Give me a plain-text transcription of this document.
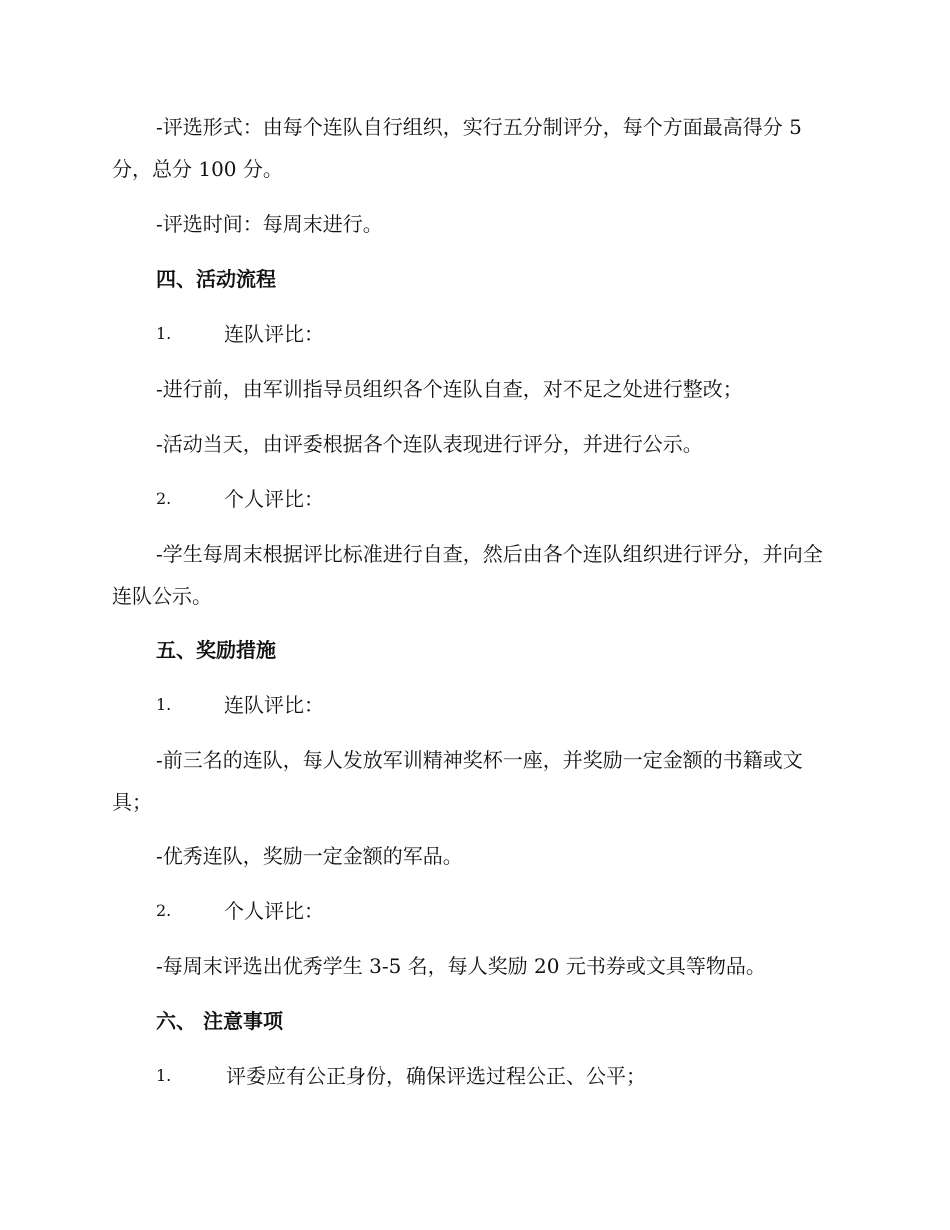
-评选形式：由每个连队自行组织，实行五分制评分，每个方面最高得分 5 分，总分 100 分。

-评选时间：每周末进行。

四、活动流程
1.	连队评比：

-进行前，由军训指导员组织各个连队自查，对不足之处进行整改；

-活动当天，由评委根据各个连队表现进行评分，并进行公示。

2.	个人评比：

-学生每周末根据评比标准进行自查，然后由各个连队组织进行评分，并向全连队公示。

五、奖励措施
1.	连队评比：

-前三名的连队，每人发放军训精神奖杯一座，并奖励一定金额的书籍或文具；

-优秀连队，奖励一定金额的军品。

2.	个人评比：

-每周末评选出优秀学生 3-5 名，每人奖励 20 元书券或文具等物品。

六、 注意事项
1.	评委应有公正身份，确保评选过程公正、公平；
